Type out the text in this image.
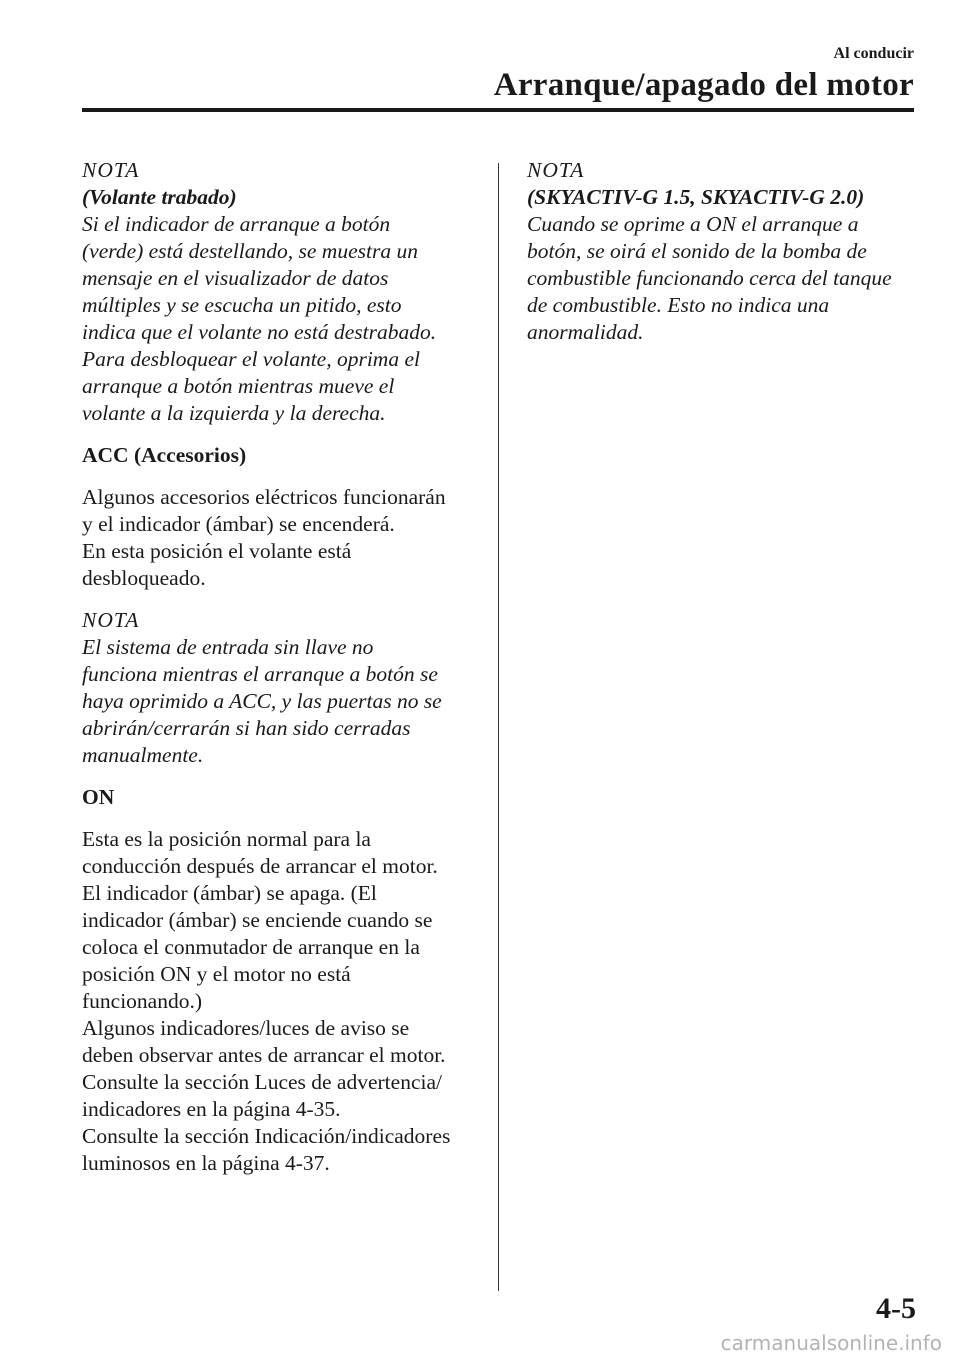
Al conducir
Arranque/apagado del motor
NOTA
(Volante trabado)
Si el indicador de arranque a botón
(verde) está destellando, se muestra un
mensaje en el visualizador de datos
múltiples y se escucha un pitido, esto
indica que el volante no está destrabado.
Para desbloquear el volante, oprima el
arranque a botón mientras mueve el
volante a la izquierda y la derecha.
ACC (Accesorios)
Algunos accesorios eléctricos funcionarán
y el indicador (ámbar) se encenderá.
En esta posición el volante está
desbloqueado.
NOTA
El sistema de entrada sin llave no
funciona mientras el arranque a botón se
haya oprimido a ACC, y las puertas no se
abrirán/cerrarán si han sido cerradas
manualmente.
ON
Esta es la posición normal para la
conducción después de arrancar el motor.
El indicador (ámbar) se apaga. (El
indicador (ámbar) se enciende cuando se
coloca el conmutador de arranque en la
posición ON y el motor no está
funcionando.)
Algunos indicadores/luces de aviso se
deben observar antes de arrancar el motor.
Consulte la sección Luces de advertencia/
indicadores en la página 4-35.
Consulte la sección Indicación/indicadores
luminosos en la página 4-37.
NOTA
(SKYACTIV-G 1.5, SKYACTIV-G 2.0)
Cuando se oprime a ON el arranque a
botón, se oirá el sonido de la bomba de
combustible funcionando cerca del tanque
de combustible. Esto no indica una
anormalidad.
4-5
carmanualsonline.info
